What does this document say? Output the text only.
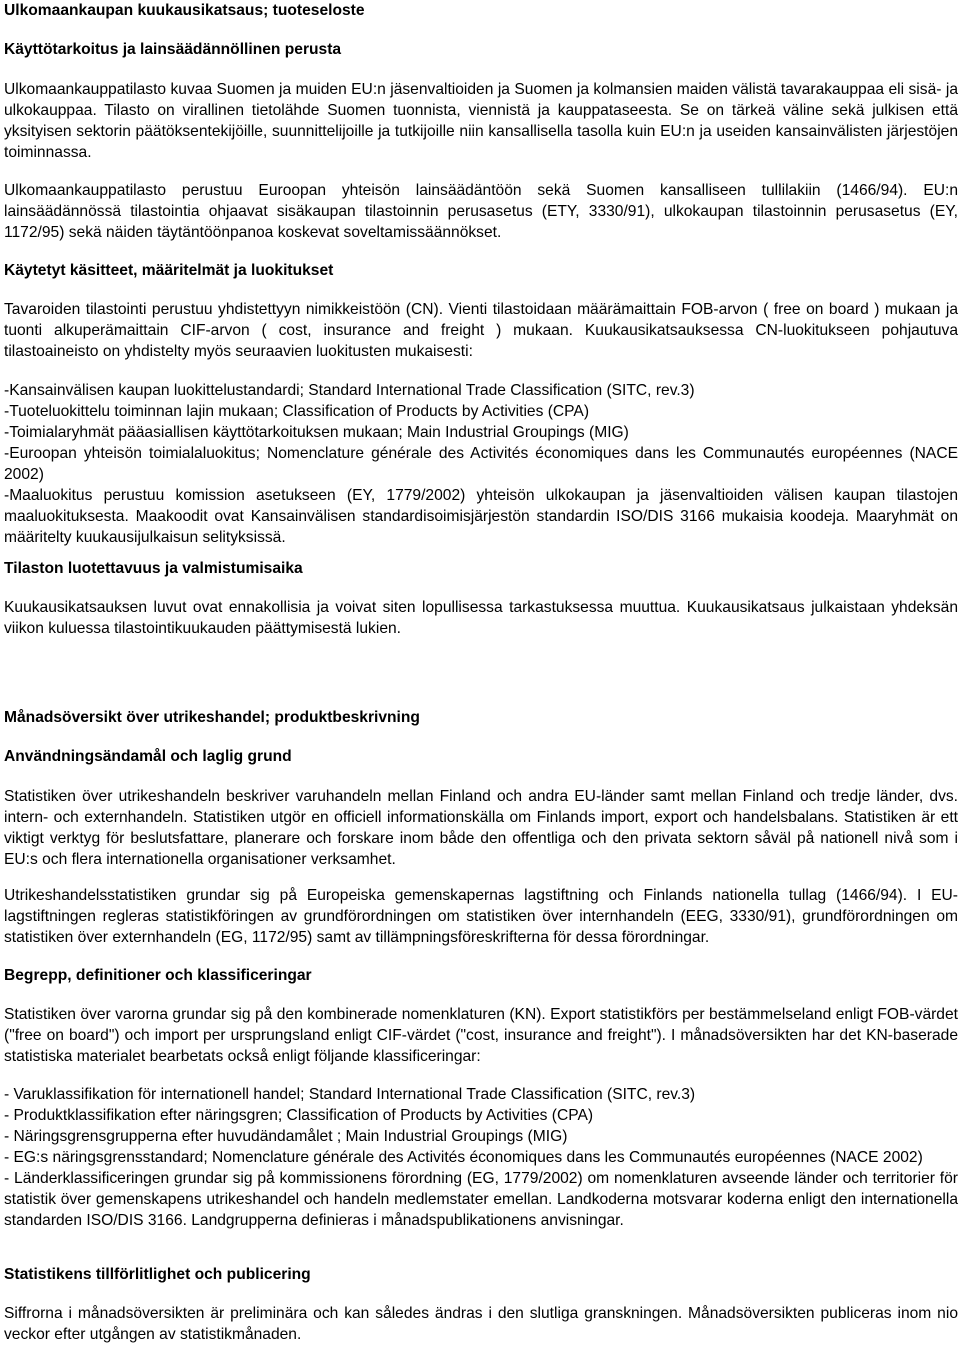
Ulkomaankaupan kuukausikatsaus; tuoteseloste

Käyttötarkoitus ja lainsäädännöllinen perusta

Ulkomaankauppatilasto kuvaa Suomen ja muiden EU:n jäsenvaltioiden ja Suomen ja kolmansien maiden välistä tavarakauppaa eli sisä- ja ulkokauppaa. Tilasto on virallinen tietolähde Suomen tuonnista, viennistä ja kauppataseesta. Se on tärkeä väline sekä julkisen että yksityisen sektorin päätöksentekijöille, suunnittelijoille ja tutkijoille niin kansallisella tasolla kuin EU:n ja useiden kansainvälisten järjestöjen toiminnassa.

Ulkomaankauppatilasto perustuu Euroopan yhteisön lainsäädäntöön sekä Suomen kansalliseen tullilakiin (1466/94). EU:n lainsäädännössä tilastointia ohjaavat sisäkaupan tilastoinnin perusasetus (ETY, 3330/91), ulkokaupan tilastoinnin perusasetus (EY, 1172/95) sekä näiden täytäntöönpanoa koskevat soveltamissäännökset.

Käytetyt käsitteet, määritelmät ja luokitukset

Tavaroiden tilastointi perustuu yhdistettyyn nimikkeistöön (CN). Vienti tilastoidaan määrämaittain FOB-arvon ( free on board ) mukaan ja tuonti alkuperämaittain CIF-arvon ( cost, insurance and freight ) mukaan. Kuukausikatsauksessa CN-luokitukseen pohjautuva tilastoaineisto on yhdistelty myös seuraavien luokitusten mukaisesti:

-Kansainvälisen kaupan luokittelustandardi; Standard International Trade Classification (SITC, rev.3)
-Tuoteluokittelu toiminnan lajin mukaan; Classification of Products by Activities (CPA)
-Toimialaryhmät pääasiallisen käyttötarkoituksen mukaan; Main Industrial Groupings (MIG)
-Euroopan yhteisön toimialaluokitus; Nomenclature générale des Activités économiques dans les Communautés européennes (NACE 2002)
-Maaluokitus perustuu komission asetukseen (EY, 1779/2002) yhteisön ulkokaupan ja jäsenvaltioiden välisen kaupan tilastojen maaluokituksesta. Maakoodit ovat Kansainvälisen standardisoimisjärjestön standardin ISO/DIS 3166 mukaisia koodeja. Maaryhmät on määritelty kuukausijulkaisun selityksissä.

Tilaston luotettavuus ja valmistumisaika

Kuukausikatsauksen luvut ovat ennakollisia ja voivat siten lopullisessa tarkastuksessa muuttua. Kuukausikatsaus julkaistaan yhdeksän viikon kuluessa tilastointikuukauden päättymisestä lukien.

Månadsöversikt över utrikeshandel; produktbeskrivning

Användningsändamål och laglig grund

Statistiken över utrikeshandeln beskriver varuhandeln mellan Finland och andra EU-länder samt mellan Finland och tredje länder, dvs. intern- och externhandeln. Statistiken utgör en officiell informationskälla om Finlands import, export och handelsbalans. Statistiken är ett viktigt verktyg för beslutsfattare, planerare och forskare inom både den offentliga och den privata sektorn såväl på nationell nivå som i EU:s och flera internationella organisationer verksamhet.

Utrikeshandelsstatistiken grundar sig på Europeiska gemenskapernas lagstiftning och Finlands nationella tullag (1466/94). I EU-lagstiftningen regleras statistikföringen av grundförordningen om statistiken över internhandeln (EEG, 3330/91), grundförordningen om statistiken över externhandeln (EG, 1172/95) samt av tillämpningsföreskrifterna för dessa förordningar.

Begrepp, definitioner och klassificeringar

Statistiken över varorna grundar sig på den kombinerade nomenklaturen (KN). Export statistikförs per bestämmelseland enligt FOB-värdet ("free on board") och import per ursprungsland enligt CIF-värdet ("cost, insurance and freight"). I månadsöversikten har det KN-baserade statistiska materialet bearbetats också enligt följande klassificeringar:

- Varuklassifikation för internationell handel; Standard International Trade Classification (SITC, rev.3)
- Produktklassifikation efter näringsgren; Classification of Products by Activities (CPA)
- Näringsgrensgrupperna efter huvudändamålet ; Main Industrial Groupings (MIG)
- EG:s näringsgrensstandard; Nomenclature générale des Activités économiques dans les Communautés européennes (NACE 2002)
- Länderklassificeringen grundar sig på kommissionens förordning (EG, 1779/2002) om nomenklaturen avseende länder och territorier för statistik över gemenskapens utrikeshandel och handeln medlemstater emellan. Landkoderna motsvarar koderna enligt den internationella standarden ISO/DIS 3166. Landgrupperna definieras i månadspublikationens anvisningar.

Statistikens tillförlitlighet och publicering

Siffrorna i månadsöversikten är preliminära och kan således ändras i den slutliga granskningen. Månadsöversikten publiceras inom nio veckor efter utgången av statistikmånaden.
